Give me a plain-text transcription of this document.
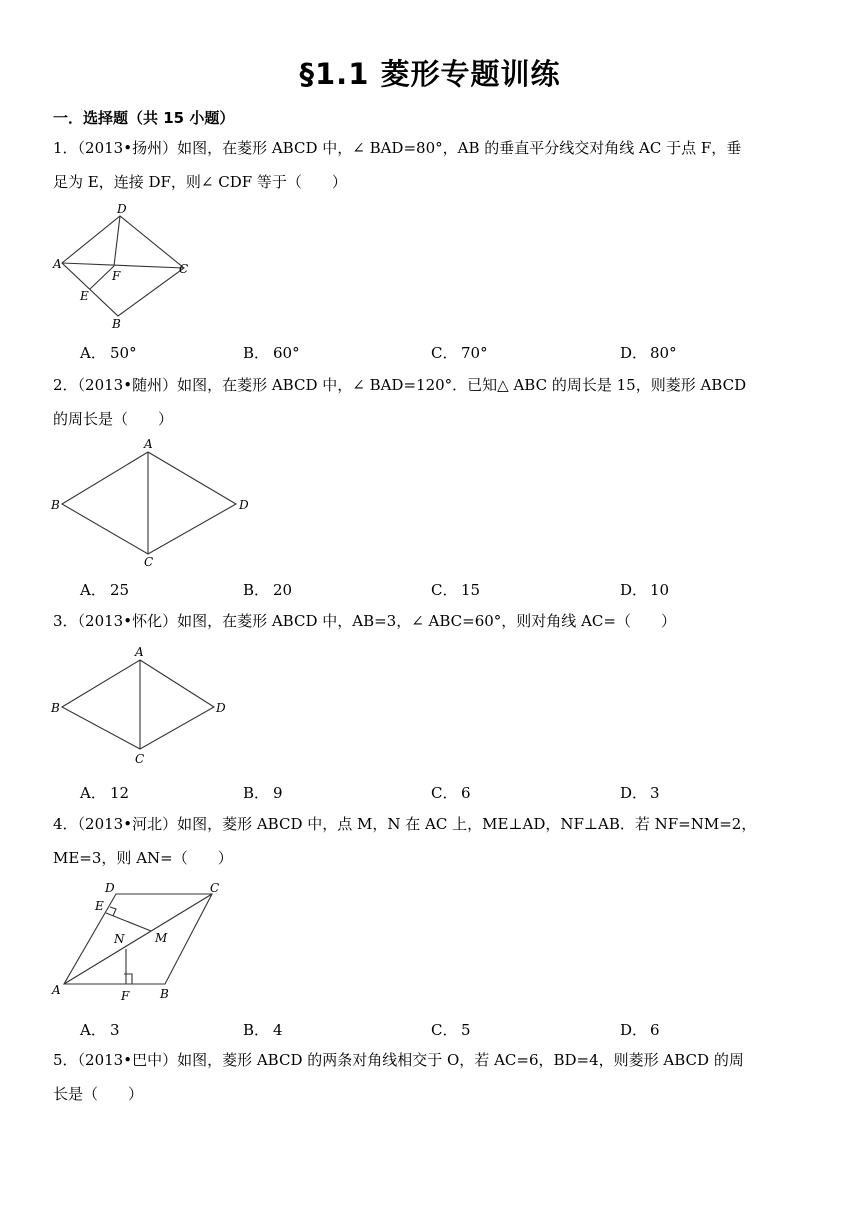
§1.1 菱形专题训练
一．选择题（共 15 小题）
1．（2013•扬州）如图，在菱形 ABCD 中，∠ BAD=80°，AB 的垂直平分线交对角线 AC 于点 F，垂
足为 E，连接 DF，则∠ CDF 等于（　　）
A
D
C
B
E
F
A． 50°	B． 60°	C． 70°	D． 80°
2．（2013•随州）如图，在菱形 ABCD 中，∠ BAD=120°．已知△ ABC 的周长是 15，则菱形 ABCD
的周长是（　　）
A
B
C
D
A． 25	B． 20	C． 15	D． 10
3．（2013•怀化）如图，在菱形 ABCD 中，AB=3，∠ ABC=60°，则对角线 AC=（　　）
A
B
C
D
A． 12	B． 9	C． 6	D． 3
4．（2013•河北）如图，菱形 ABCD 中，点 M，N 在 AC 上，ME⊥AD，NF⊥AB．若 NF=NM=2，
ME=3，则 AN=（　　）
D	C
E
N	M
A	F	B
A． 3	B． 4	C． 5	D． 6
5．（2013•巴中）如图，菱形 ABCD 的两条对角线相交于 O，若 AC=6，BD=4，则菱形 ABCD 的周
长是（　　）
